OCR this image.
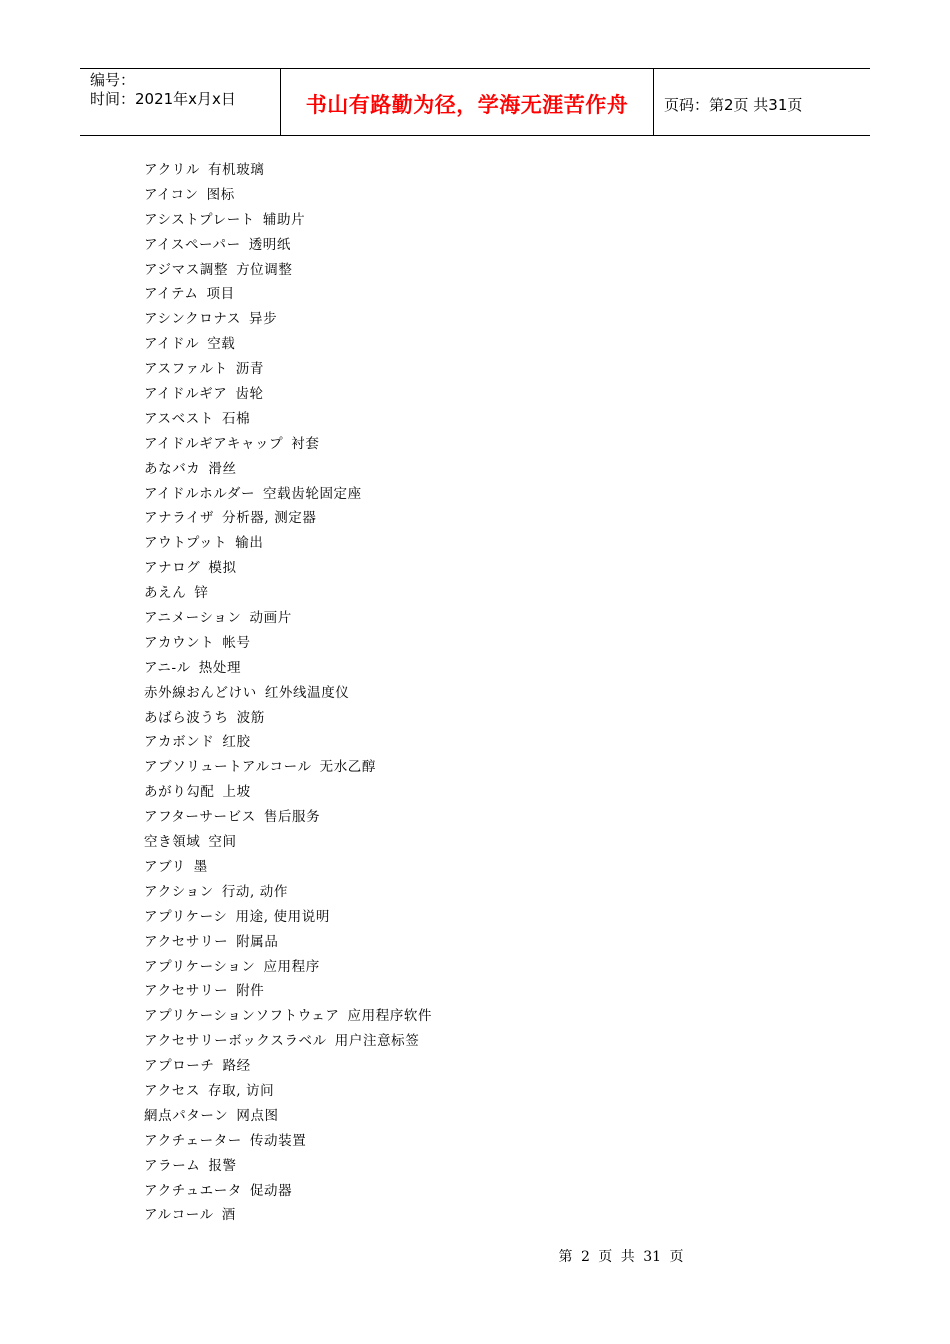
编号：
时间：2021年x月x日	书山有路勤为径，学海无涯苦作舟 页码：第2页 共31页
アクリル 有机玻璃
アイコン 图标
アシストプレート 辅助片
アイスペーパー 透明纸
アジマス調整 方位调整
アイテム 项目
アシンクロナス 异步
アイドル 空载
アスファルト 沥青
アイドルギア 齿轮
アスベスト 石棉
アイドルギアキャップ 衬套
あなバカ 滑丝
アイドルホルダー 空载齿轮固定座
アナライザ 分析器, 测定器
アウトプット 输出
アナログ 模拟
あえん 锌
アニメーション 动画片
アカウント 帐号
アニ-ル 热处理
赤外線おんどけい 红外线温度仪
あばら波うち 波筋
アカボンド 红胶
アブソリュートアルコール 无水乙醇
あがり勾配 上坡
アフターサービス 售后服务
空き領域 空间
アブリ 墨
アクション 行动, 动作
アプリケーシ 用途, 使用说明
アクセサリー 附属品
アプリケーション 应用程序
アクセサリー 附件
アプリケーションソフトウェア 应用程序软件
アクセサリーボックスラベル 用户注意标签
アプローチ 路经
アクセス 存取, 访问
網点パターン 网点图
アクチェーター 传动装置
アラーム 报警
アクチュエータ 促动器
アルコール 酒
第 2 页 共 31 页
